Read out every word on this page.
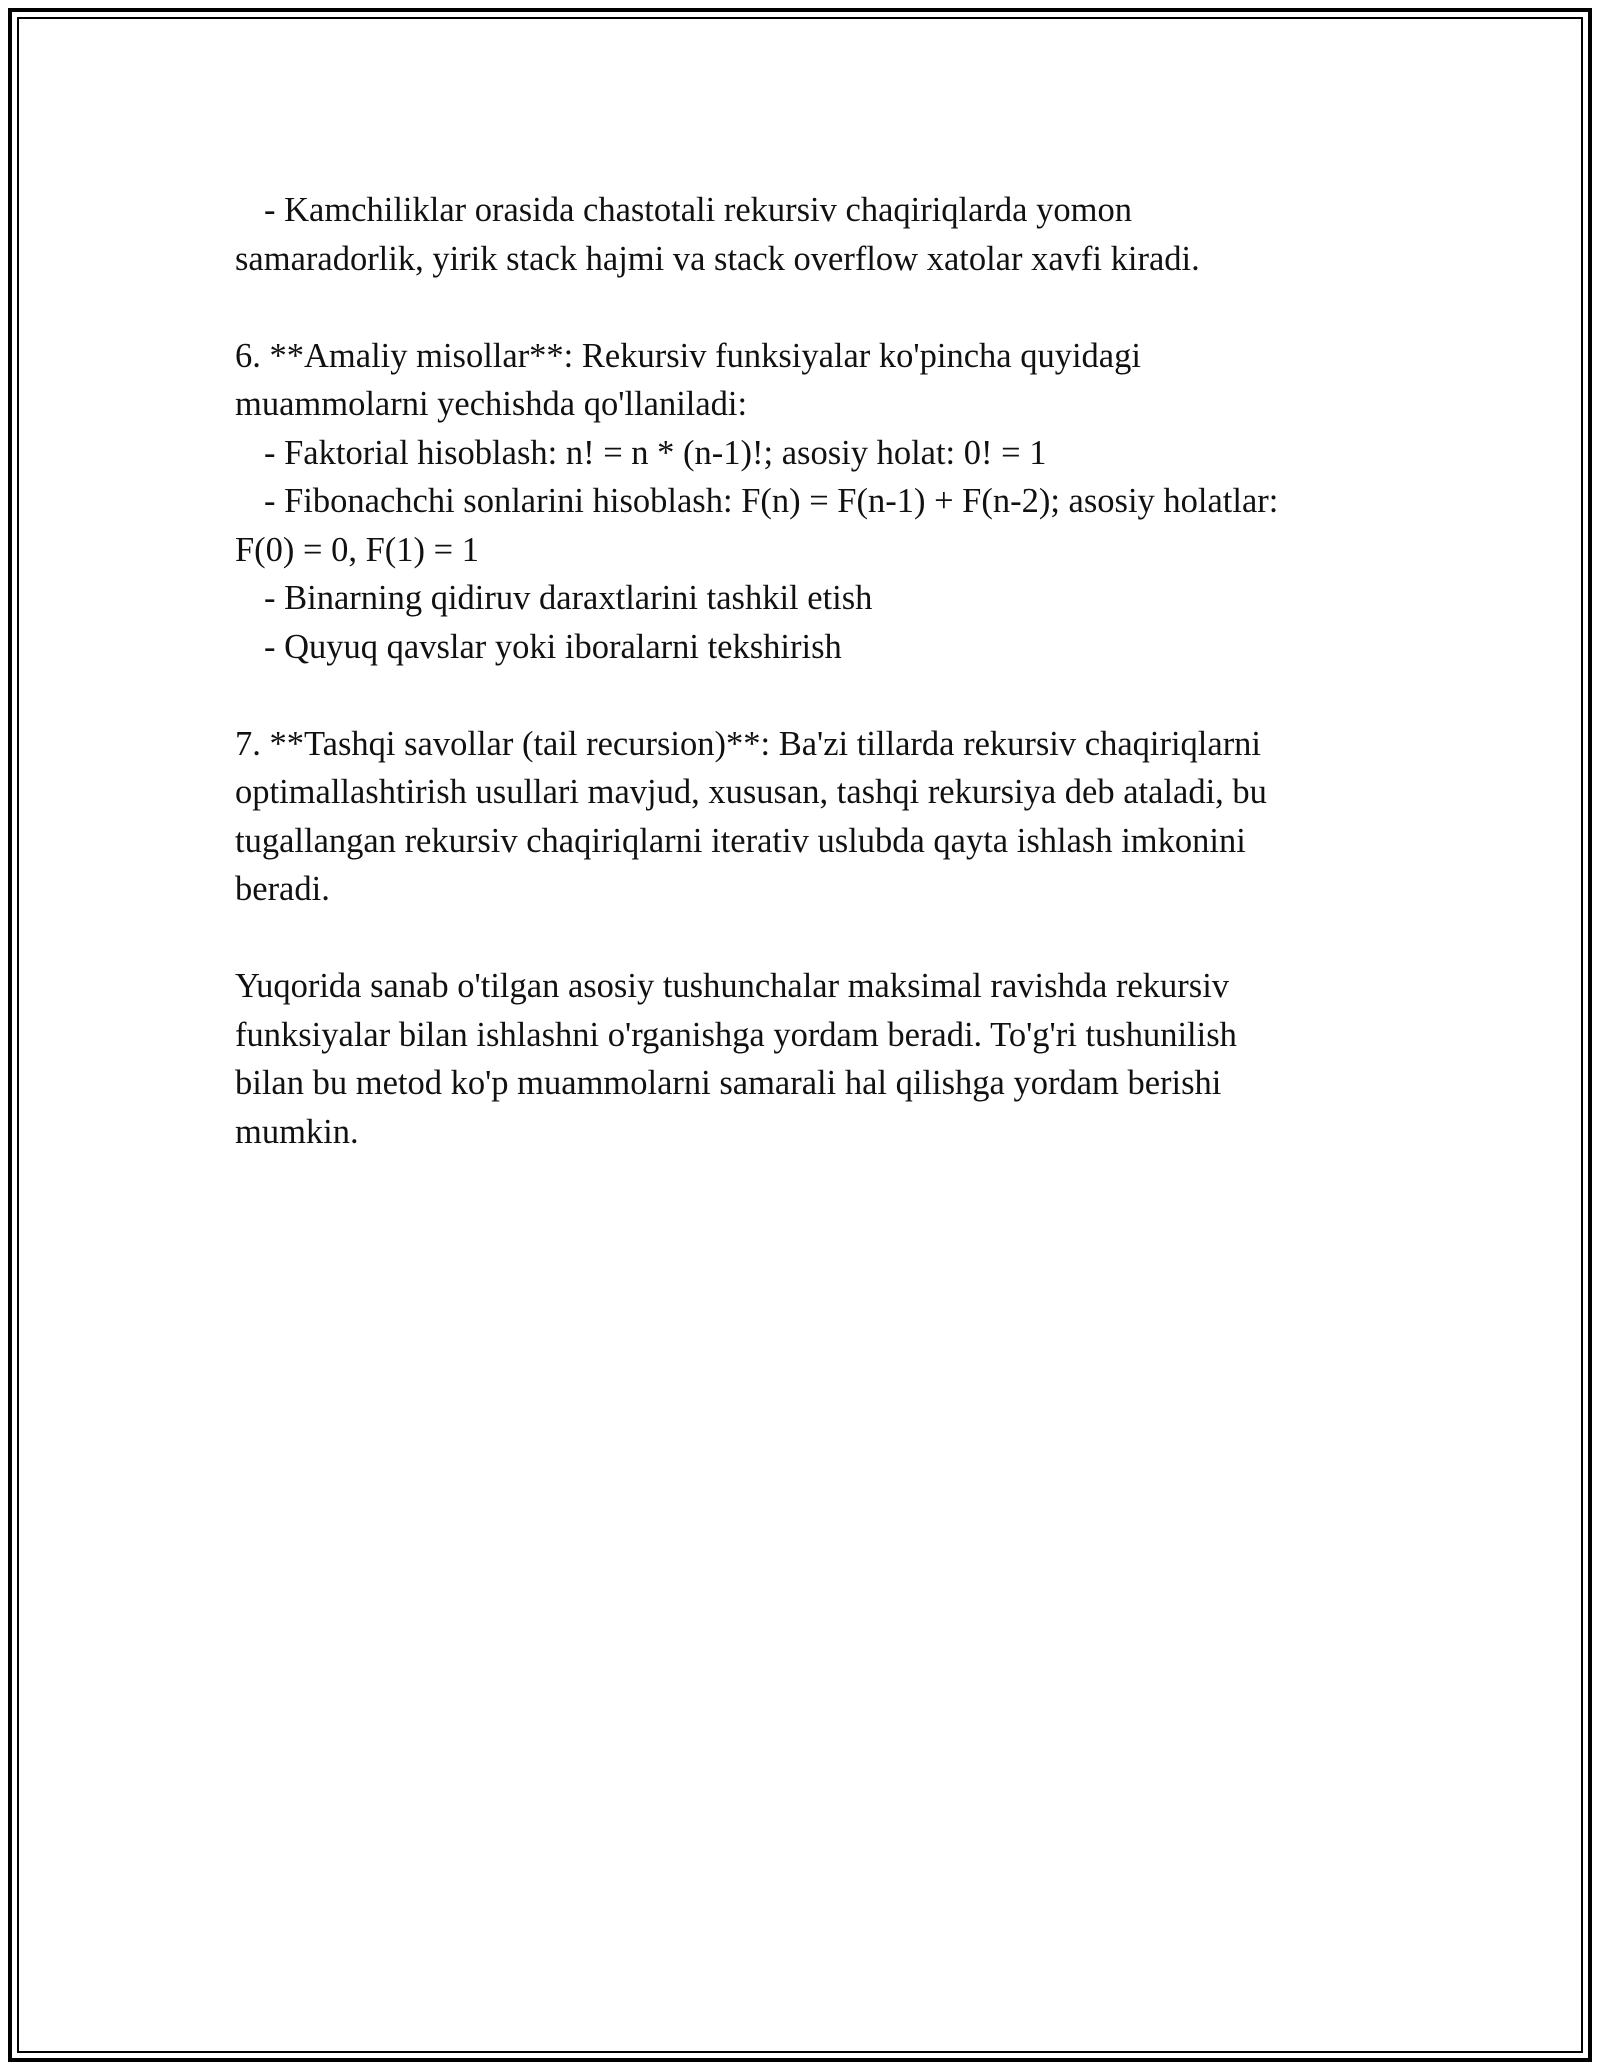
- Kamchiliklar orasida chastotali rekursiv chaqiriqlarda yomon
samaradorlik, yirik stack hajmi va stack overflow xatolar xavfi kiradi.
6. **Amaliy misollar**: Rekursiv funksiyalar ko'pincha quyidagi
muammolarni yechishda qo'llaniladi:
- Faktorial hisoblash: n! = n * (n-1)!; asosiy holat: 0! = 1
- Fibonachchi sonlarini hisoblash: F(n) = F(n-1) + F(n-2); asosiy holatlar:
F(0) = 0, F(1) = 1
- Binarning qidiruv daraxtlarini tashkil etish
- Quyuq qavslar yoki iboralarni tekshirish
7. **Tashqi savollar (tail recursion)**: Ba'zi tillarda rekursiv chaqiriqlarni
optimallashtirish usullari mavjud, xususan, tashqi rekursiya deb ataladi, bu
tugallangan rekursiv chaqiriqlarni iterativ uslubda qayta ishlash imkonini
beradi.
Yuqorida sanab o'tilgan asosiy tushunchalar maksimal ravishda rekursiv
funksiyalar bilan ishlashni o'rganishga yordam beradi. To'g'ri tushunilish
bilan bu metod ko'p muammolarni samarali hal qilishga yordam berishi
mumkin.
